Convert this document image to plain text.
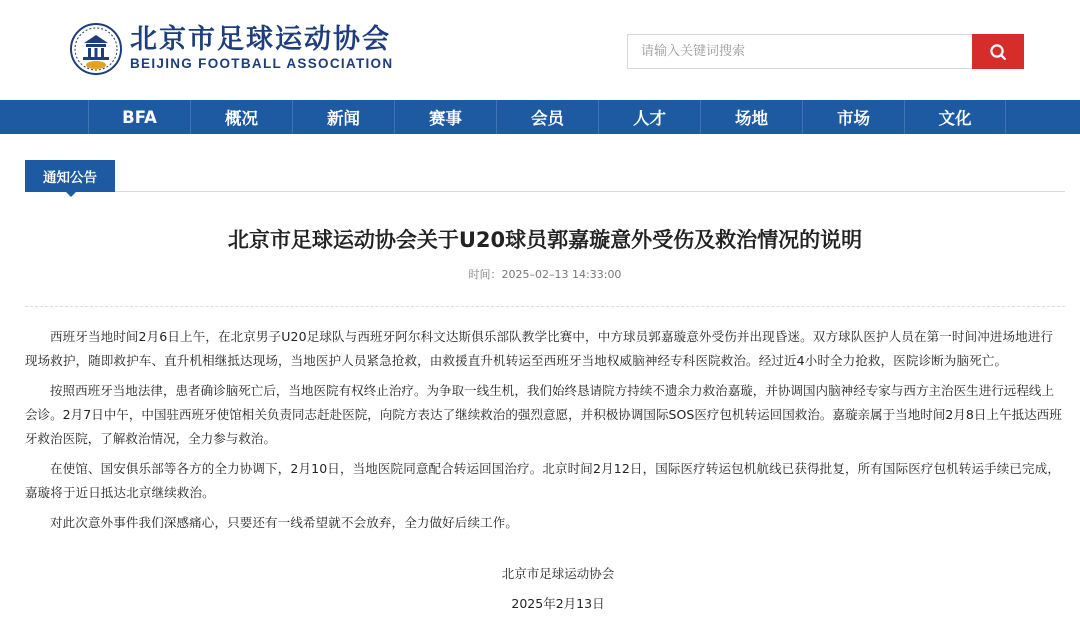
北京市足球运动协会
BEIJING FOOTBALL ASSOCIATION
请输入关键词搜索
BFA	概况	新闻	赛事	会员	人才	场地	市场	文化
通知公告
北京市足球运动协会关于U20球员郭嘉璇意外受伤及救治情况的说明
时间：2025–02–13 14:33:00

西班牙当地时间2月6日上午，在北京男子U20足球队与西班牙阿尔科文达斯俱乐部队教学比赛中，中方球员郭嘉璇意外受伤并出现昏迷。双方球队医护人员在第一时间冲进场地进行现场救护，随即救护车、直升机相继抵达现场，当地医护人员紧急抢救，由救援直升机转运至西班牙当地权威脑神经专科医院救治。经过近4小时全力抢救，医院诊断为脑死亡。

按照西班牙当地法律，患者确诊脑死亡后，当地医院有权终止治疗。为争取一线生机，我们始终恳请院方持续不遗余力救治嘉璇，并协调国内脑神经专家与西方主治医生进行远程线上会诊。2月7日中午，中国驻西班牙使馆相关负责同志赶赴医院，向院方表达了继续救治的强烈意愿，并积极协调国际SOS医疗包机转运回国救治。嘉璇亲属于当地时间2月8日上午抵达西班牙救治医院，了解救治情况，全力参与救治。

在使馆、国安俱乐部等各方的全力协调下，2月10日，当地医院同意配合转运回国治疗。北京时间2月12日，国际医疗转运包机航线已获得批复，所有国际医疗包机转运手续已完成，嘉璇将于近日抵达北京继续救治。

对此次意外事件我们深感痛心，只要还有一线希望就不会放弃，全力做好后续工作。

北京市足球运动协会
2025年2月13日
